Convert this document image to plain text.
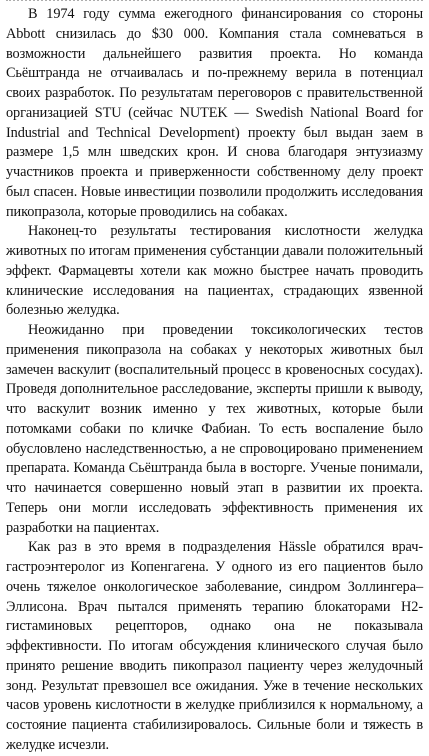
В 1974 году сумма ежегодного финансирования со стороны Abbott снизилась до $30 000. Компания стала сомневаться в возможности дальнейшего развития проекта. Но команда Сьёштранда не отчаивалась и по-прежнему верила в потенциал своих разработок. По результатам переговоров с правительственной организацией STU (сейчас NUTEK — Swedish National Board for Industrial and Technical Development) проекту был выдан заем в размере 1,5 млн шведских крон. И снова благодаря энтузиазму участников проекта и приверженности собственному делу проект был спасен. Новые инвестиции позволили продолжить исследования пикопразола, которые проводились на собаках.

Наконец-то результаты тестирования кислотности желудка животных по итогам применения субстанции давали положительный эффект. Фармацевты хотели как можно быстрее начать проводить клинические исследования на пациентах, страдающих язвенной болезнью желудка.

Неожиданно при проведении токсикологических тестов применения пикопразола на собаках у некоторых животных был замечен васкулит (воспалительный процесс в кровеносных сосудах). Проведя дополнительное расследование, эксперты пришли к выводу, что васкулит возник именно у тех животных, которые были потомками собаки по кличке Фабиан. То есть воспаление было обусловлено наследственностью, а не спровоцировано применением препарата. Команда Сьёштранда была в восторге. Ученые понимали, что начинается совершенно новый этап в развитии их проекта. Теперь они могли исследовать эффективность применения их разработки на пациентах.

Как раз в это время в подразделения Hässle обратился врач-гастроэнтеролог из Копенгагена. У одного из его пациентов было очень тяжелое онкологическое заболевание, синдром Золлингера–Эллисона. Врач пытался применять терапию блокаторами H2-гистаминовых рецепторов, однако она не показывала эффективности. По итогам обсуждения клинического случая было принято решение вводить пикопразол пациенту через желудочный зонд. Результат превзошел все ожидания. Уже в течение нескольких часов уровень кислотности в желудке приблизился к нормальному, а состояние пациента стабилизировалось. Сильные боли и тяжесть в желудке исчезли.
